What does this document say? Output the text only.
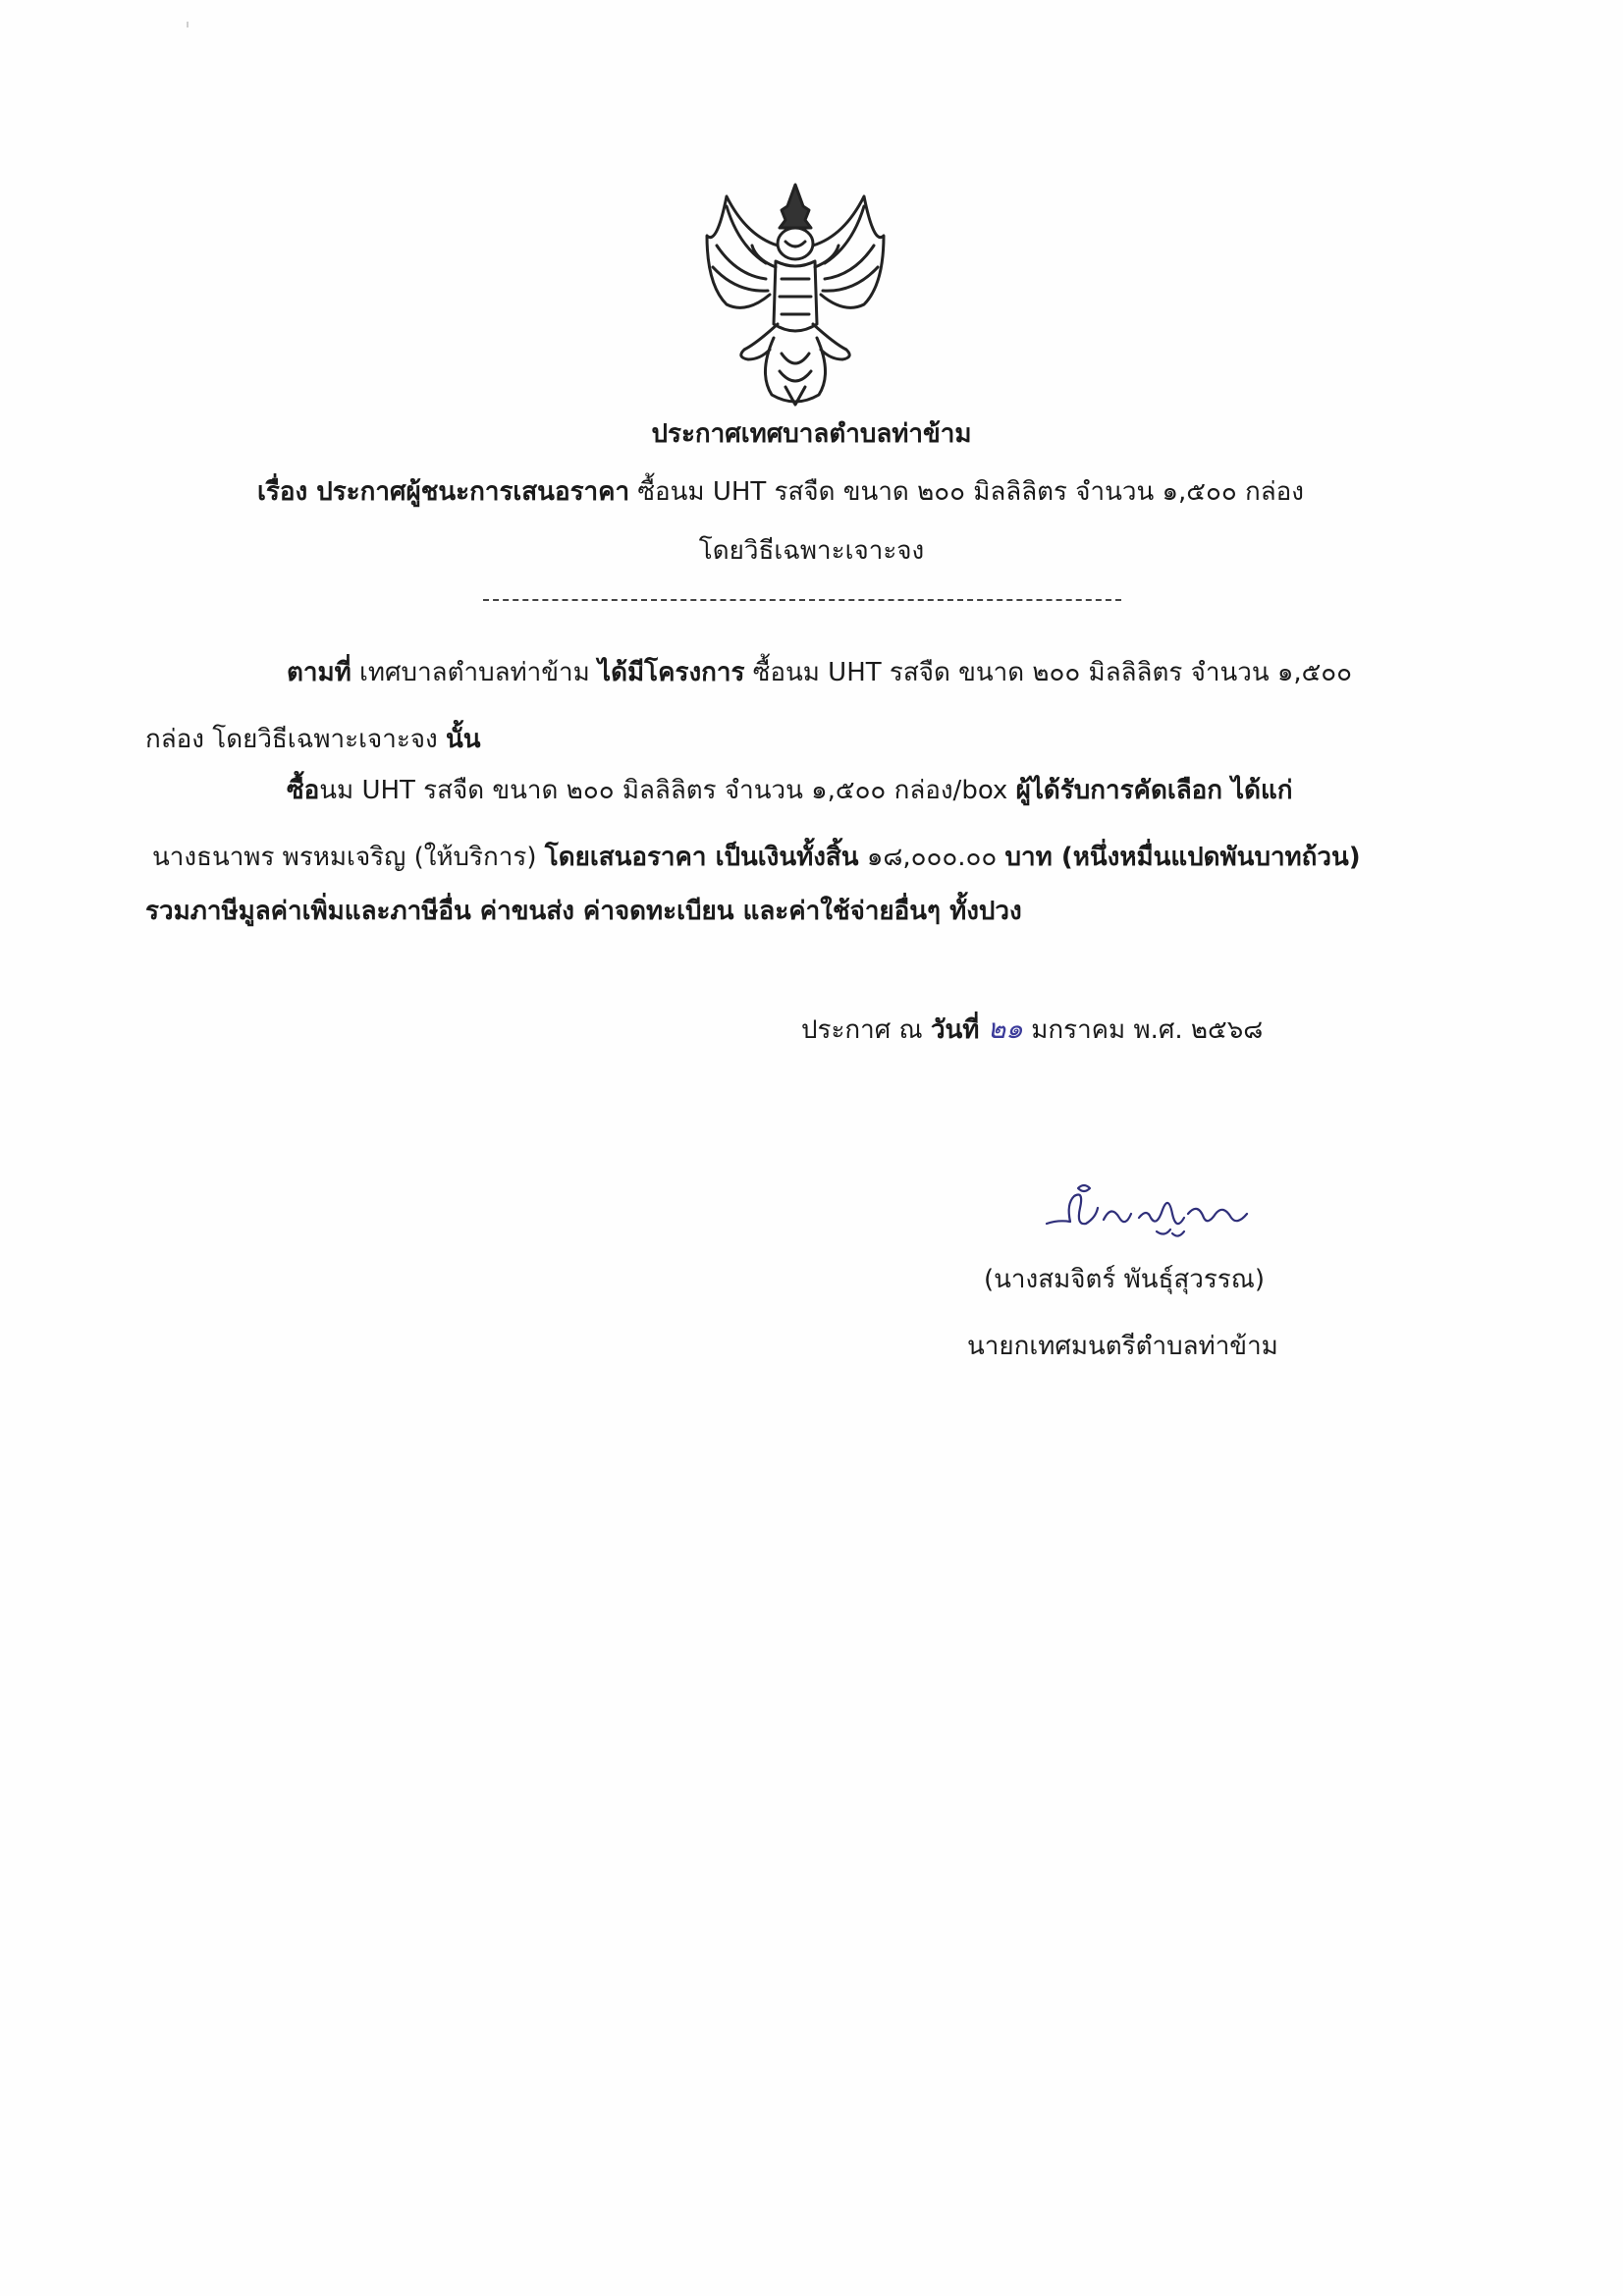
ประกาศเทศบาลตำบลท่าข้าม
เรื่อง ประกาศผู้ชนะการเสนอราคา ซื้อนม UHT รสจืด ขนาด ๒๐๐ มิลลิลิตร จำนวน ๑,๕๐๐ กล่อง
โดยวิธีเฉพาะเจาะจง
ตามที่ เทศบาลตำบลท่าข้าม ได้มีโครงการ ซื้อนม UHT รสจืด ขนาด ๒๐๐ มิลลิลิตร จำนวน ๑,๕๐๐
กล่อง โดยวิธีเฉพาะเจาะจง นั้น
ซื้อนม UHT รสจืด ขนาด ๒๐๐ มิลลิลิตร จำนวน ๑,๕๐๐ กล่อง/box ผู้ได้รับการคัดเลือก ได้แก่
นางธนาพร พรหมเจริญ (ให้บริการ) โดยเสนอราคา เป็นเงินทั้งสิ้น ๑๘,๐๐๐.๐๐ บาท (หนึ่งหมื่นแปดพันบาทถ้วน)
รวมภาษีมูลค่าเพิ่มและภาษีอื่น ค่าขนส่ง ค่าจดทะเบียน และค่าใช้จ่ายอื่นๆ ทั้งปวง
ประกาศ ณ วันที่ ๒๑ มกราคม พ.ศ. ๒๕๖๘
(นางสมจิตร์ พันธุ์สุวรรณ)
นายกเทศมนตรีตำบลท่าข้าม
